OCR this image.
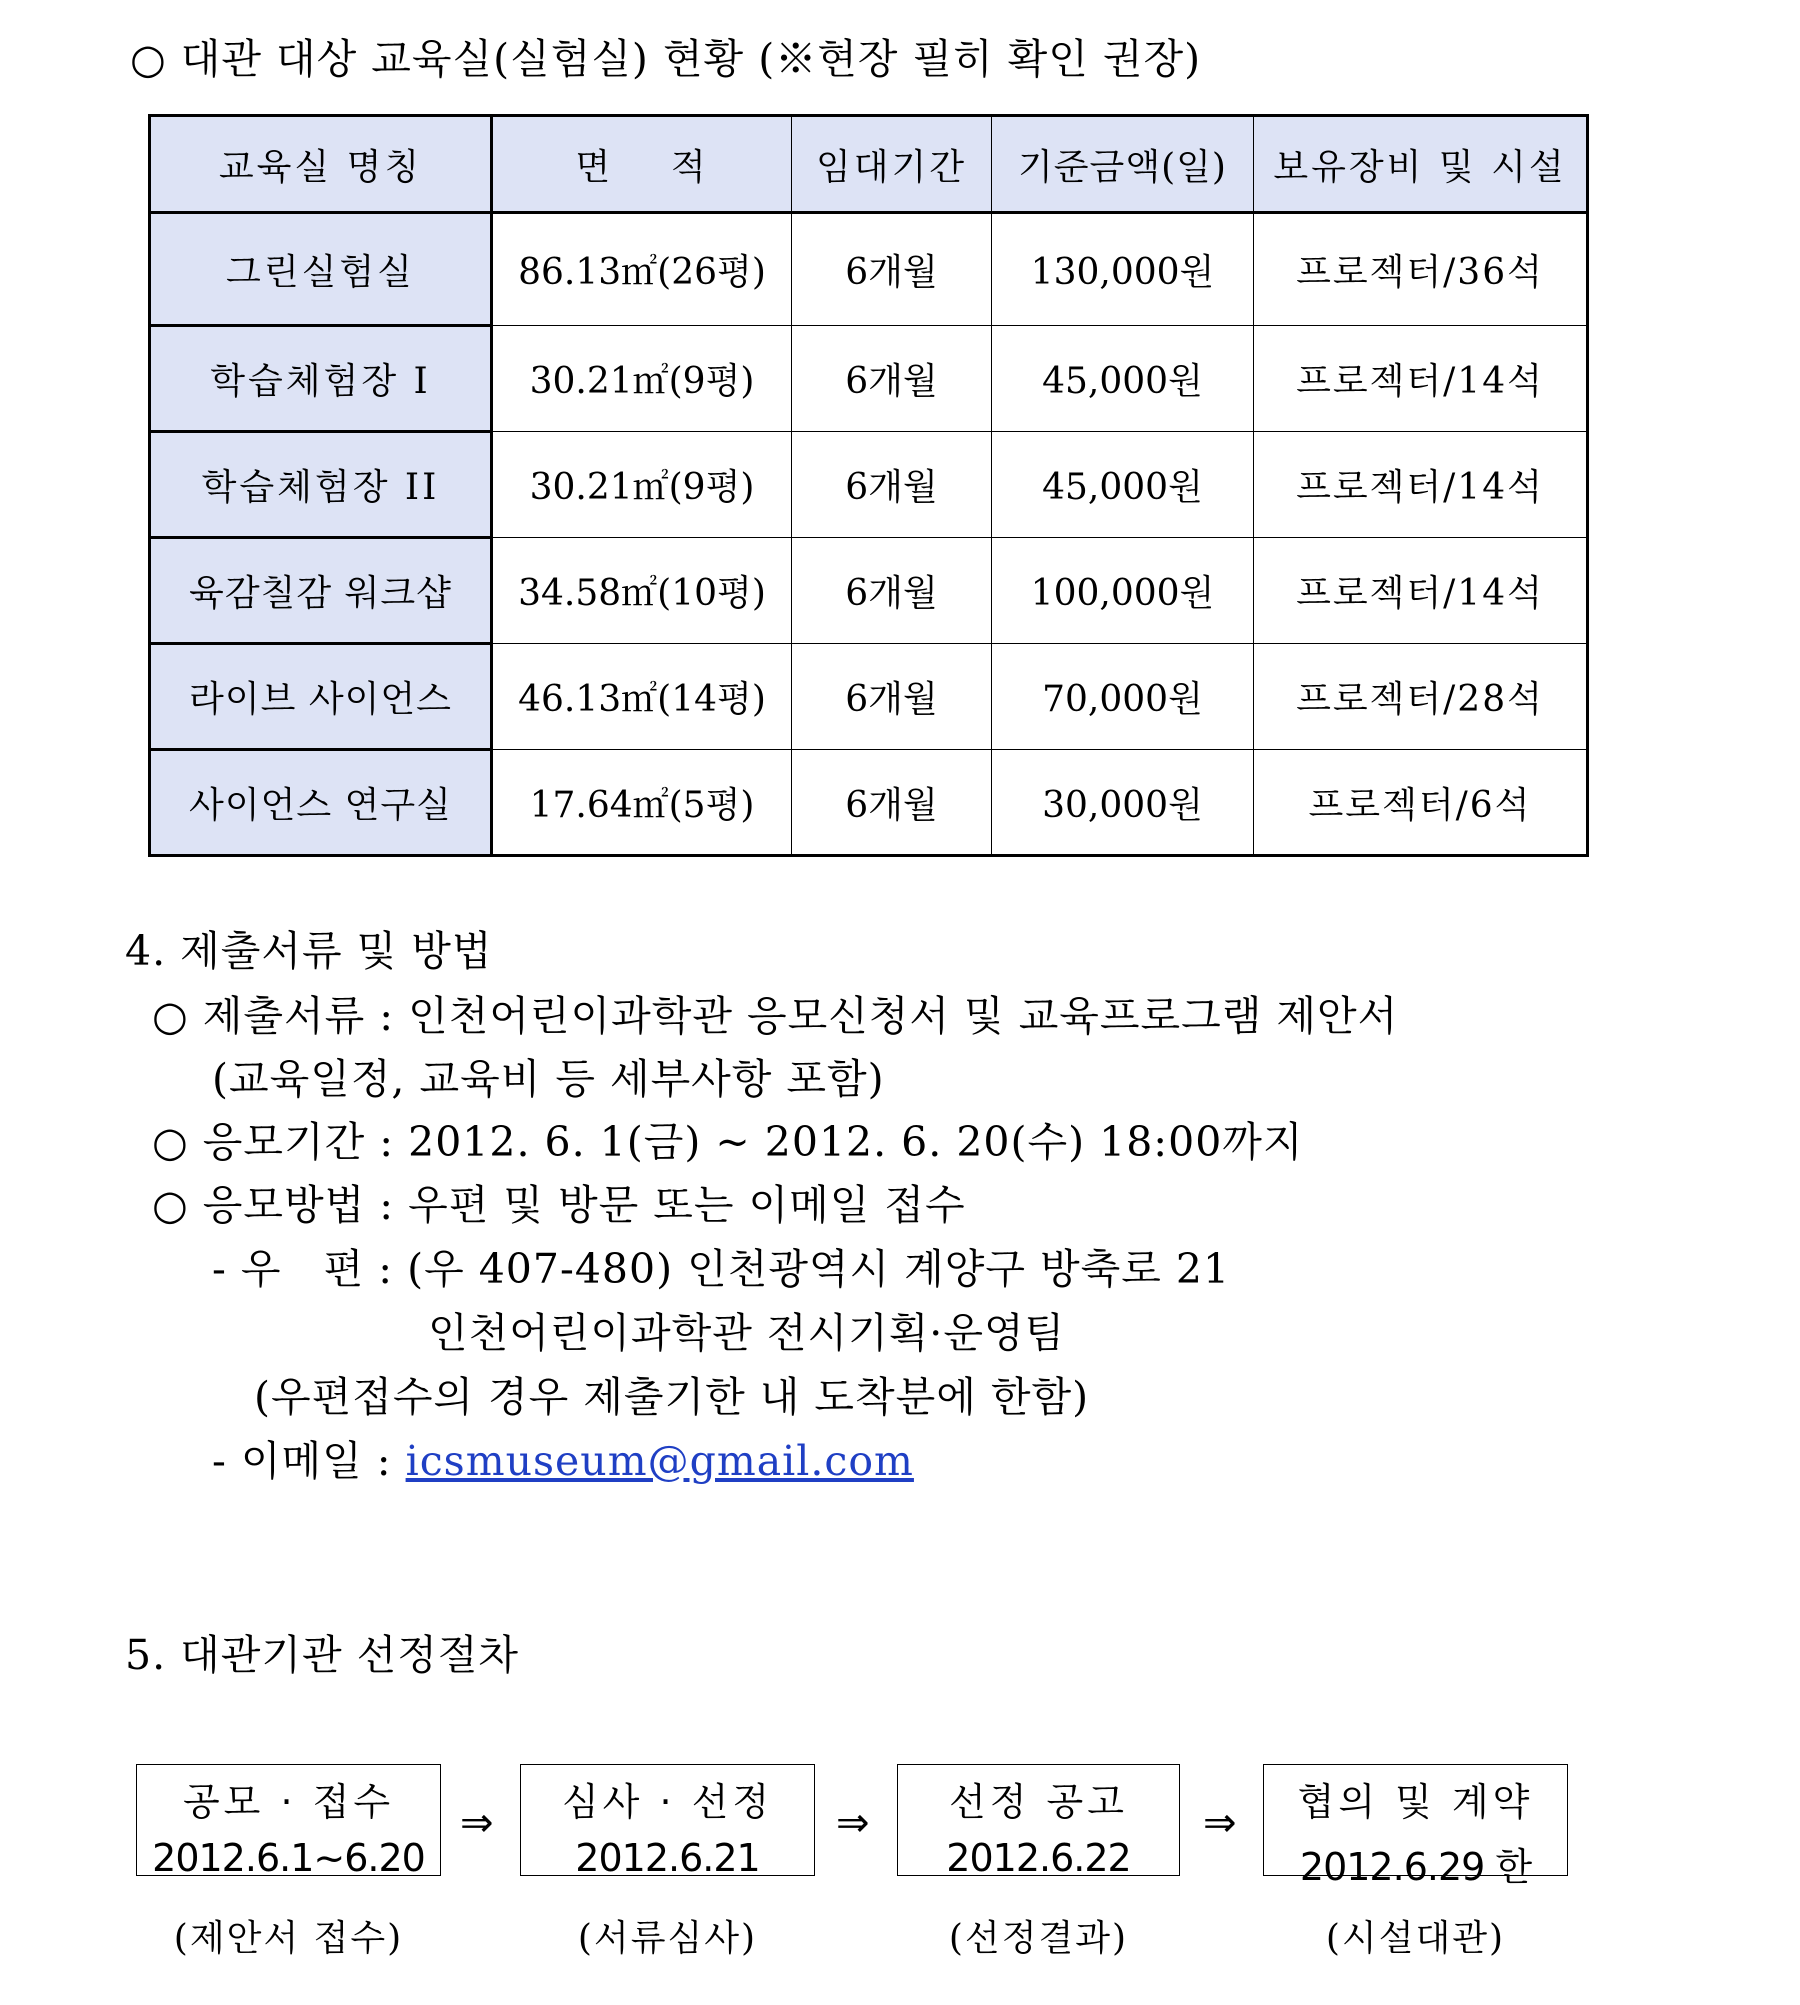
○ 대관 대상 교육실(실험실) 현황 (※현장 필히 확인 권장)
교육실 명칭	면    적	임대기간	기준금액(일)	보유장비 및 시설
그린실험실	86.13㎡(26평)	6개월	130,000원	프로젝터/36석
학습체험장 I	30.21㎡(9평)	6개월	45,000원	프로젝터/14석
학습체험장 II	30.21㎡(9평)	6개월	45,000원	프로젝터/14석
육감칠감 워크샵	34.58㎡(10평)	6개월	100,000원	프로젝터/14석
라이브 사이언스	46.13㎡(14평)	6개월	70,000원	프로젝터/28석
사이언스 연구실	17.64㎡(5평)	6개월	30,000원	프로젝터/6석
4. 제출서류 및 방법
○ 제출서류 : 인천어린이과학관 응모신청서 및 교육프로그램 제안서
(교육일정, 교육비 등 세부사항 포함)
○ 응모기간 : 2012. 6. 1(금) ~ 2012. 6. 20(수) 18:00까지
○ 응모방법 : 우편 및 방문 또는 이메일 접수
- 우   편 : (우 407-480) 인천광역시 계양구 방축로 21
인천어린이과학관 전시기획·운영팀
(우편접수의 경우 제출기한 내 도착분에 한함)
- 이메일 : icsmuseum@gmail.com
5. 대관기관 선정절차
공모 · 접수
2012.6.1~6.20
⇒	심사 · 선정
2012.6.21
⇒	선정 공고
2012.6.22
⇒	협의 및 계약
2012.6.29 한
(제안서 접수)	(서류심사)	(선정결과)	(시설대관)
